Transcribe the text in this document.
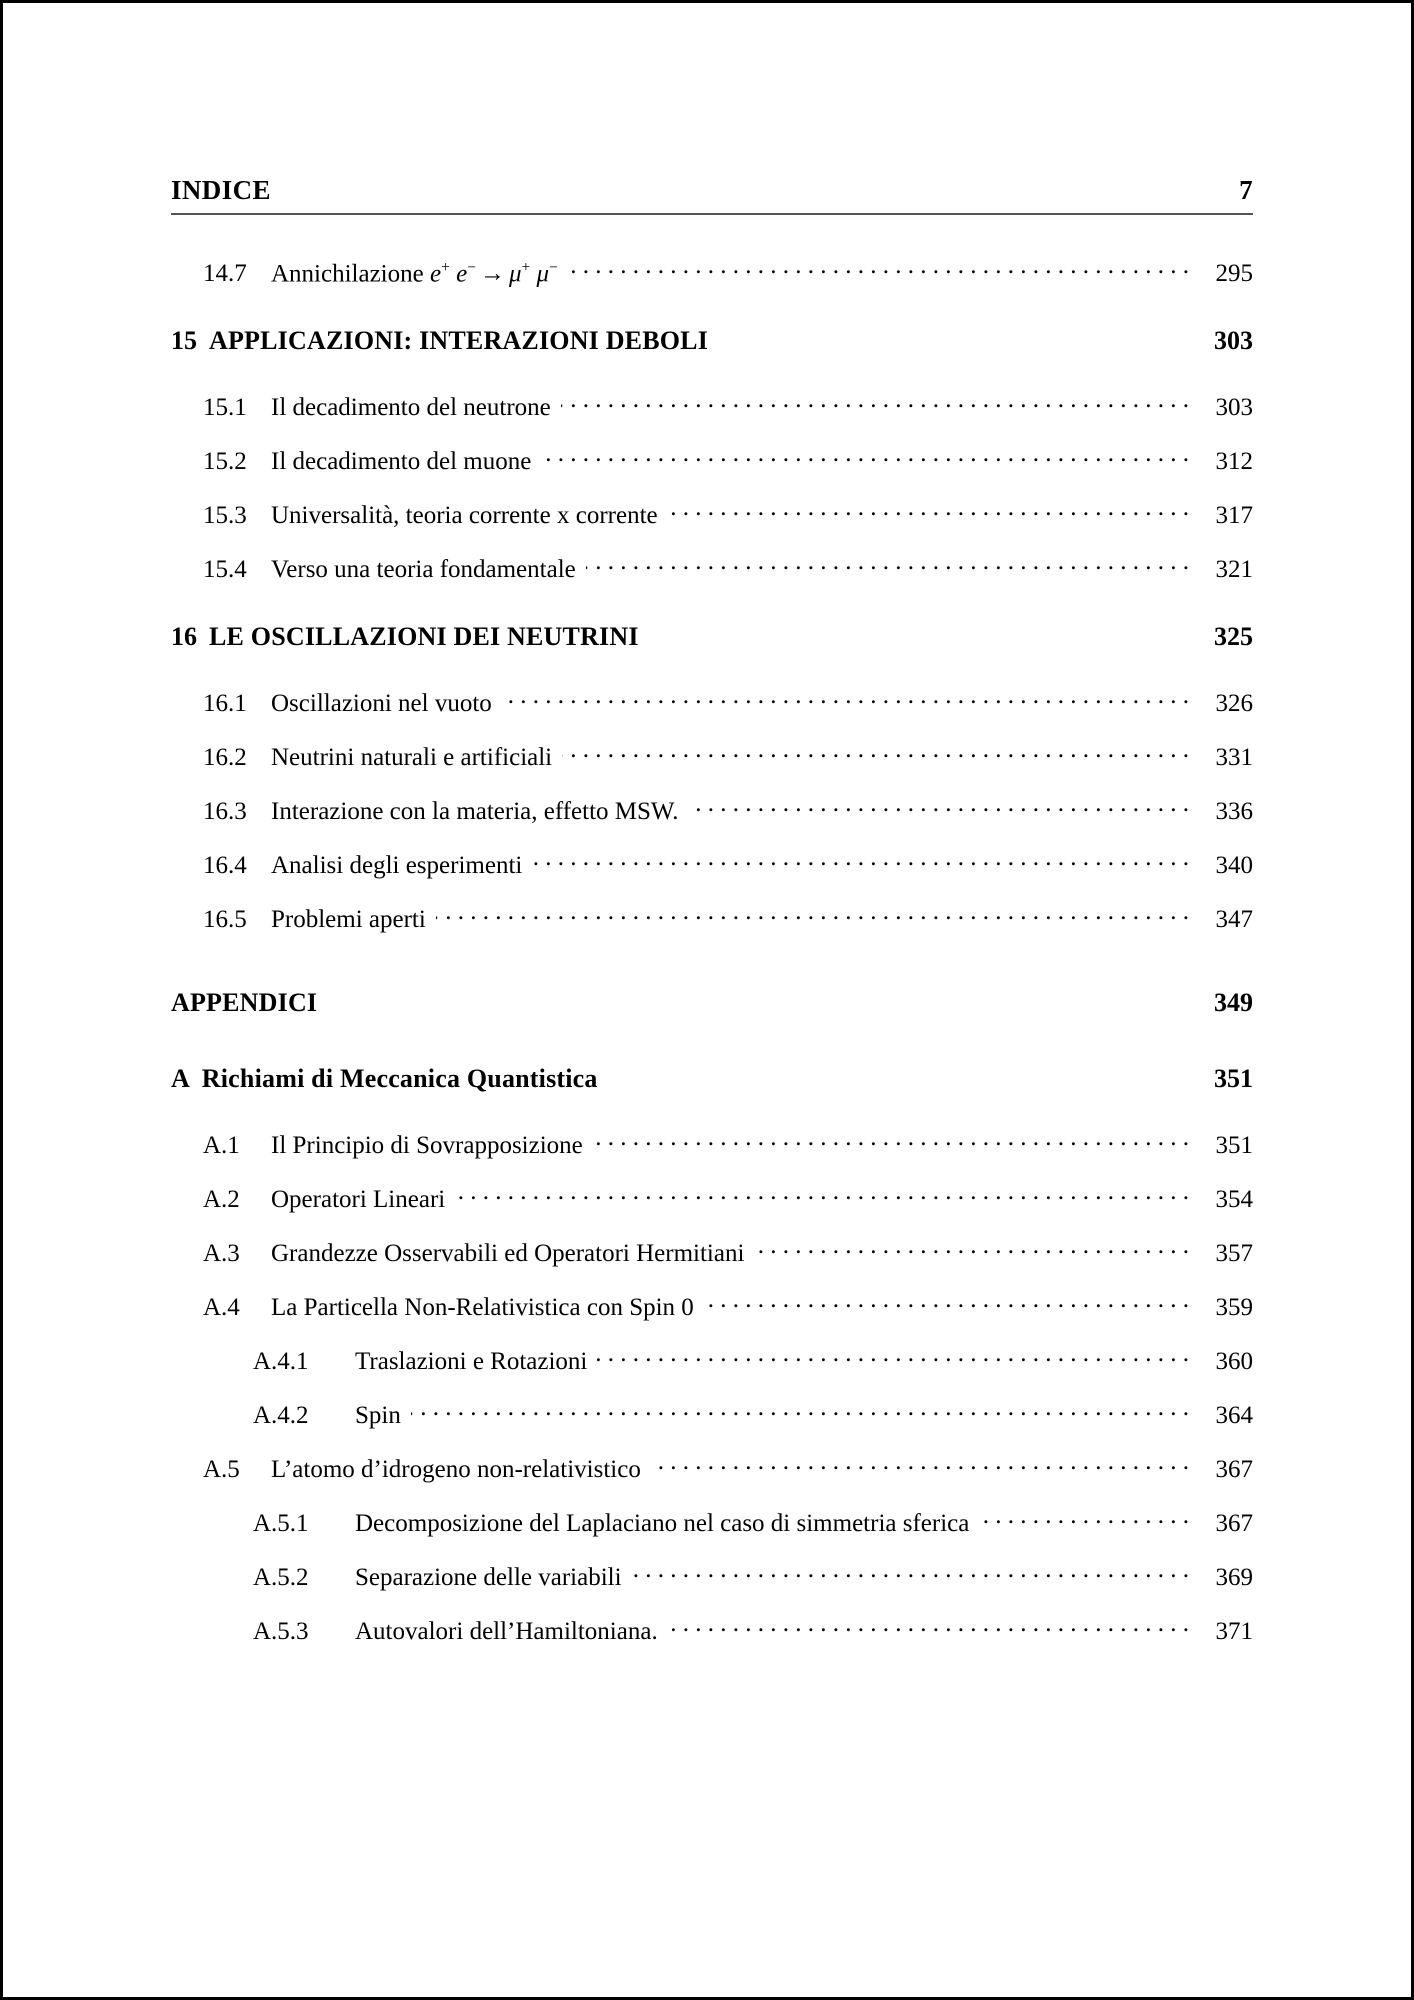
INDICE	7
14.7 Annichilazione e+ e− → μ+ μ− . . .	295
15 APPLICAZIONI: INTERAZIONI DEBOLI	303
15.1 Il decadimento del neutrone . . .	303
15.2 Il decadimento del muone . . .	312
15.3 Universalità, teoria corrente x corrente . . .	317
15.4 Verso una teoria fondamentale . . .	321
16 LE OSCILLAZIONI DEI NEUTRINI	325
16.1 Oscillazioni nel vuoto . . .	326
16.2 Neutrini naturali e artificiali . . .	331
16.3 Interazione con la materia, effetto MSW. . . .	336
16.4 Analisi degli esperimenti . . .	340
16.5 Problemi aperti . . .	347
APPENDICI	349
A Richiami di Meccanica Quantistica	351
A.1	Il Principio di Sovrapposizione . . .	351
A.2	Operatori Lineari . . .	354
A.3	Grandezze Osservabili ed Operatori Hermitiani . . .	357
A.4	La Particella Non-Relativistica con Spin 0 . . .	359
A.4.1	Traslazioni e Rotazioni . . .	360
A.4.2	Spin . . .	364
A.5	L’atomo d’idrogeno non-relativistico . . .	367
A.5.1	Decomposizione del Laplaciano nel caso di simmetria sferica . . .	367
A.5.2	Separazione delle variabili . . .	369
A.5.3	Autovalori dell’Hamiltoniana. . . .	371
